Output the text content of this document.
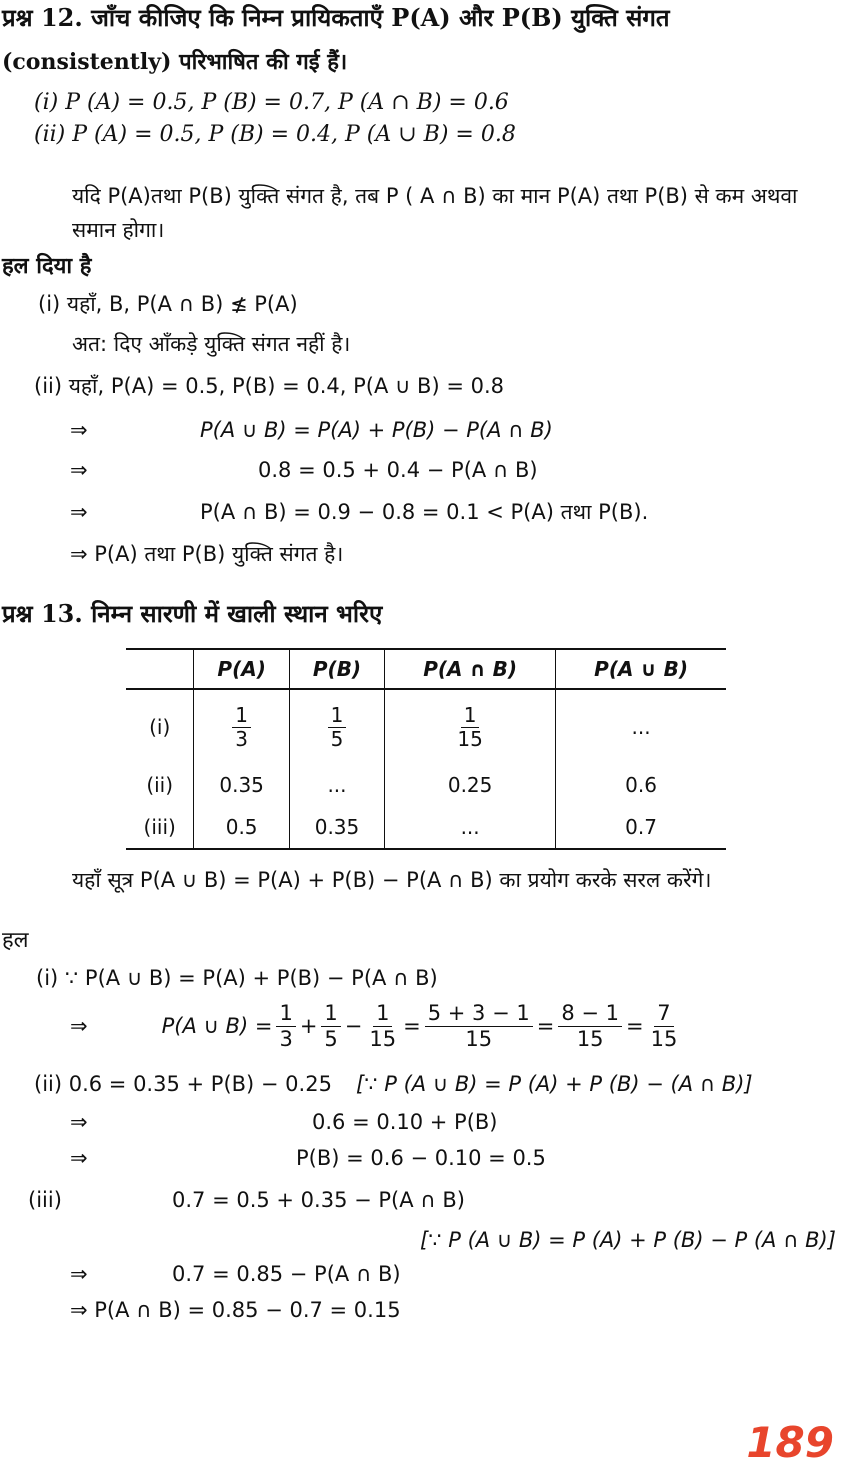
प्रश्न 12. जाँच कीजिए कि निम्न प्रायिकताएँ P(A) और P(B) युक्ति संगत
(consistently) परिभाषित की गई हैं।
(i) P (A) = 0.5, P (B) = 0.7, P (A ∩ B) = 0.6
(ii) P (A) = 0.5, P (B) = 0.4, P (A ∪ B) = 0.8
यदि P(A)तथा P(B) युक्ति संगत है, तब P ( A ∩ B) का मान P(A) तथा P(B) से कम अथवा
समान होगा।
हल दिया है
(i) यहाँ, B, P(A ∩ B) ≰ P(A)
अत: दिए आँकड़े युक्ति संगत नहीं है।
(ii) यहाँ, P(A) = 0.5, P(B) = 0.4, P(A ∪ B) = 0.8
⇒	P(A ∪ B) = P(A) + P(B) − P(A ∩ B)
⇒	0.8 = 0.5 + 0.4 − P(A ∩ B)
⇒	P(A ∩ B) = 0.9 − 0.8 = 0.1 < P(A) तथा P(B).
⇒ P(A) तथा P(B) युक्ति संगत है।
प्रश्न 13. निम्न सारणी में खाली स्थान भरिए
	P(A)	P(B)	P(A ∩ B)	P(A ∪ B)
(i)	$\frac{1}{3}$	$\frac{1}{5}$	$\frac{1}{15}$	...
(ii)	0.35	...	0.25	0.6
(iii)	0.5	0.35	...	0.7
यहाँ सूत्र P(A ∪ B) = P(A) + P(B) − P(A ∩ B) का प्रयोग करके सरल करेंगे।
हल
(i) ∵ P(A ∪ B) = P(A) + P(B) − P(A ∩ B)
⇒	P(A ∪ $B) = \frac{1}{3} + \frac{1}{5} - \frac{1}{15} = \frac{5 + 3 - 1}{15} = \frac{8 - 1}{15} = \frac{7}{15}$
(ii) 0.6 = 0.35 + P(B) − 0.25 [∵ P (A ∪ B) = P (A) + P (B) − (A ∩ B)]
⇒	0.6 = 0.10 + P(B)
⇒	P(B) = 0.6 − 0.10 = 0.5
(iii)	0.7 = 0.5 + 0.35 − P(A ∩ B)
[∵ P (A ∪ B) = P (A) + P (B) − P (A ∩ B)]
⇒	0.7 = 0.85 − P(A ∩ B)
⇒ P(A ∩ B) = 0.85 − 0.7 = 0.15
189
